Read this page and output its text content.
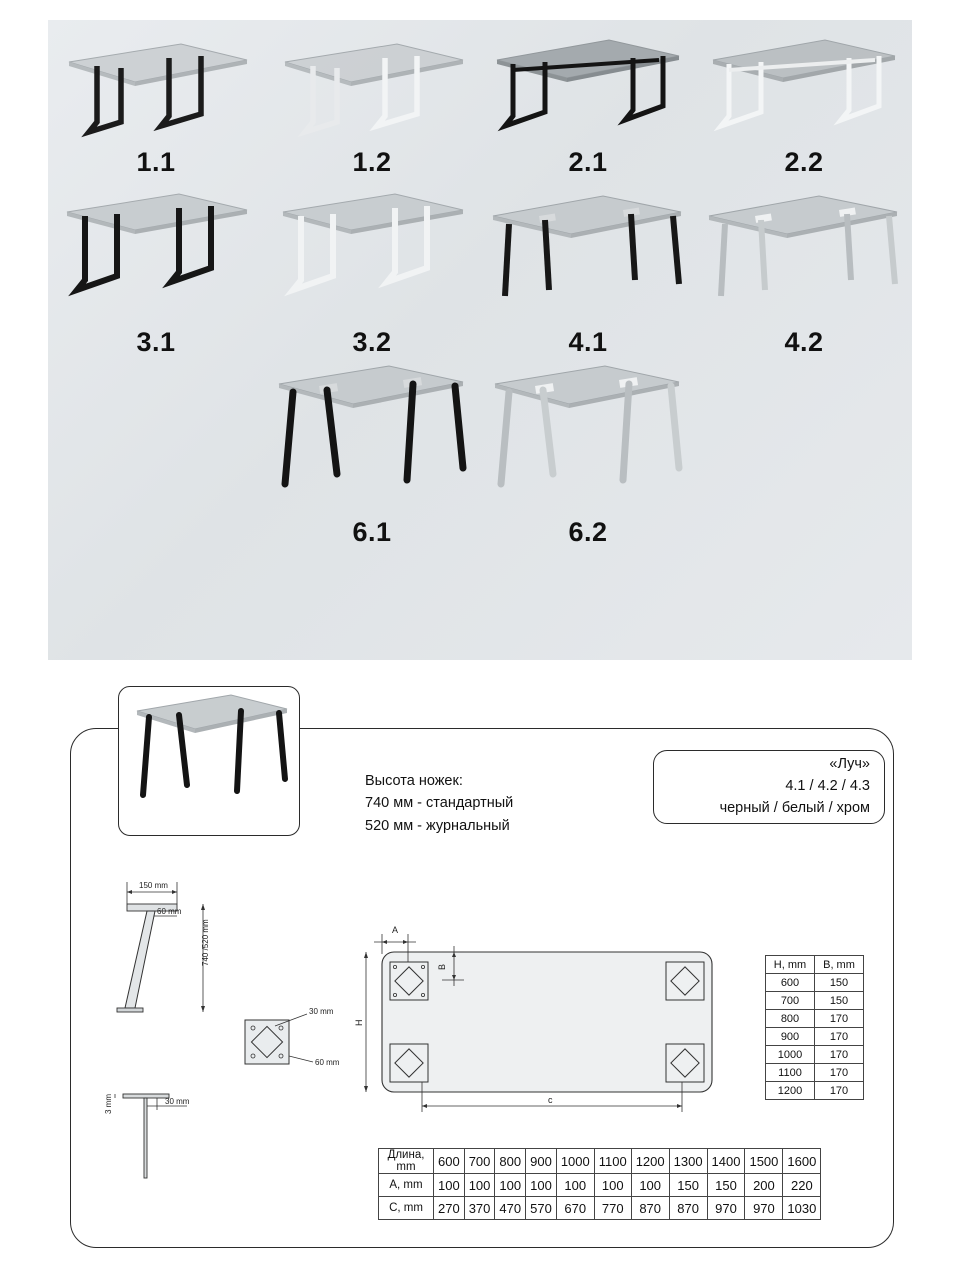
1.1	1.2	2.1	2.2
3.1	3.2	4.1	4.2
6.1	6.2
Высота ножек:
740 мм - стандартный
520 мм - журнальный
«Луч»
4.1 / 4.2 / 4.3
черный / белый / хром
150 mm
60 mm
740 /520 mm
3 mm	30 mm
30 mm
60 mm
A
B
H
c
H, mm	B, mm
600	150
700	150
800	170
900	170
1000	170
1100	170
1200	170
Длина,
mm	600	700	800	900	1000	1100	1200	1300	1400	1500	1600
A, mm	100	100	100	100	100	100	100	150	150	200	220
C, mm	270	370	470	570	670	770	870	870	970	970	1030
